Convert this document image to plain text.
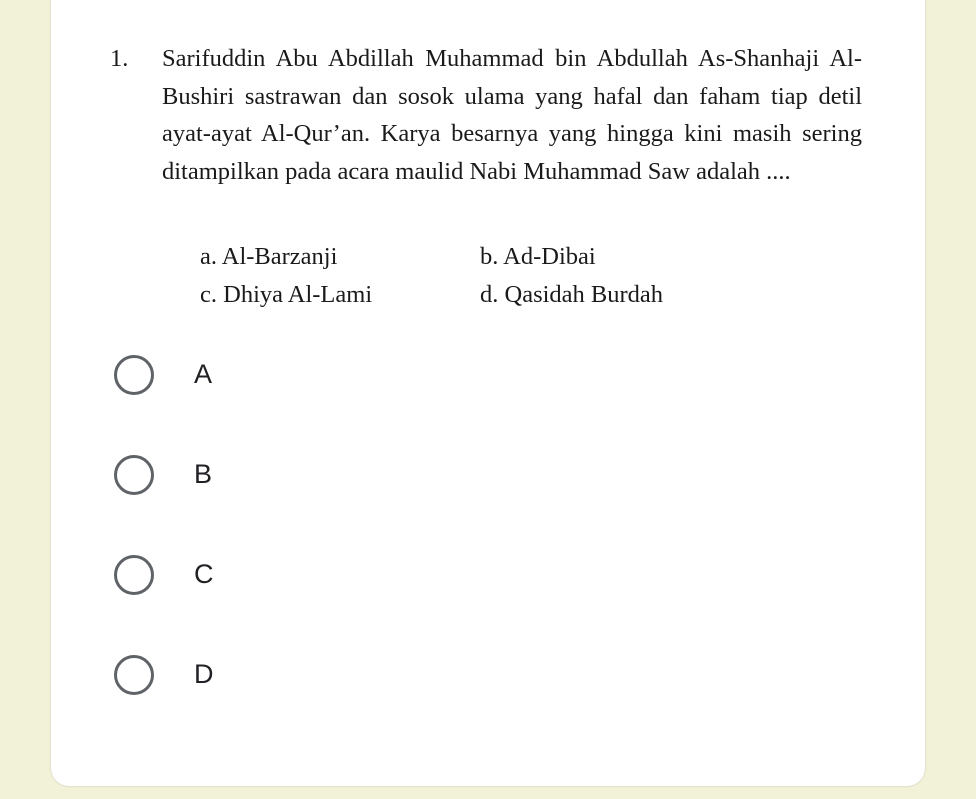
1. Sarifuddin Abu Abdillah Muhammad bin Abdullah As-Shanhaji Al-Bushiri sastrawan dan sosok ulama yang hafal dan faham tiap detil ayat-ayat Al-Qur’an. Karya besarnya yang hingga kini masih sering ditampilkan pada acara maulid Nabi Muhammad Saw adalah ....
a. Al-Barzanji	b. Ad-Dibai
c. Dhiya Al-Lami	d. Qasidah Burdah
A
B
C
D
